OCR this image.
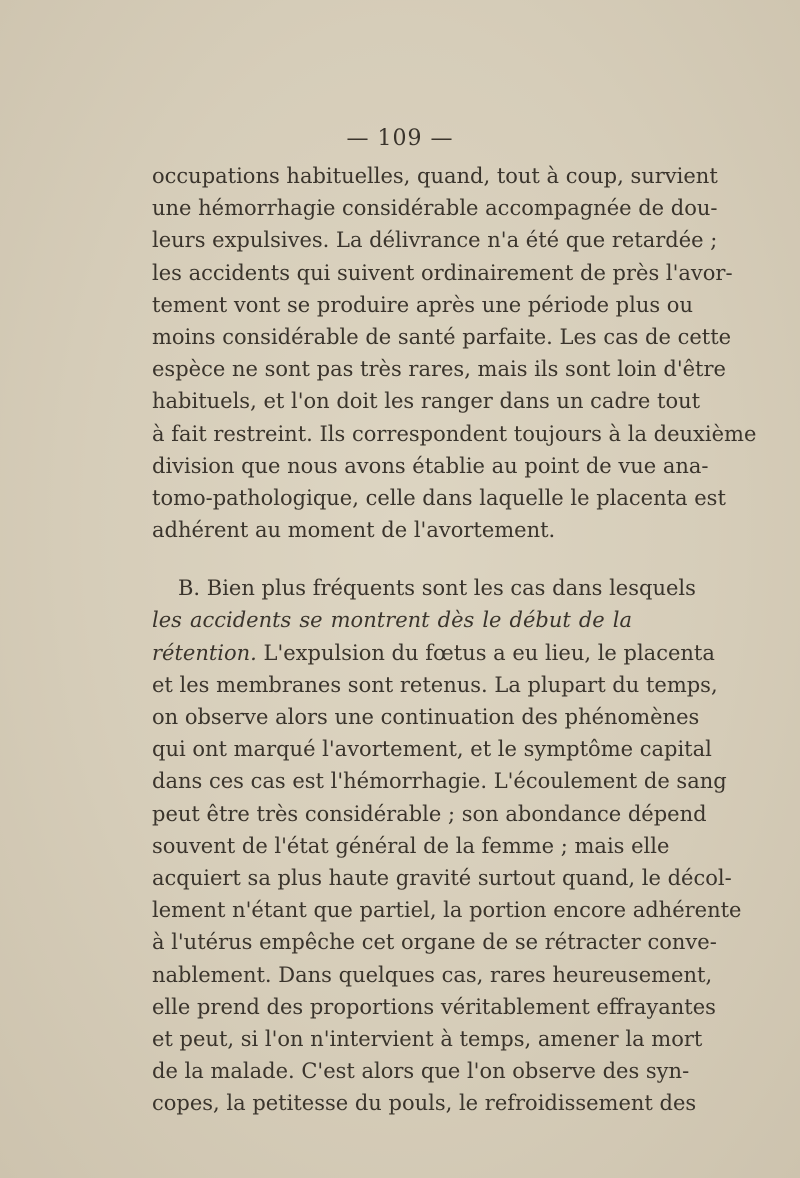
— 109 —
occupations habituelles, quand, tout à coup, survient
une hémorrhagie considérable accompagnée de dou-
leurs expulsives. La délivrance n'a été que retardée ;
les accidents qui suivent ordinairement de près l'avor-
tement vont se produire après une période plus ou
moins considérable de santé parfaite. Les cas de cette
espèce ne sont pas très rares, mais ils sont loin d'être
habituels, et l'on doit les ranger dans un cadre tout
à fait restreint. Ils correspondent toujours à la deuxième
division que nous avons établie au point de vue ana-
tomo-pathologique, celle dans laquelle le placenta est
adhérent au moment de l'avortement.
B. Bien plus fréquents sont les cas dans lesquels
les accidents se montrent dès le début de la
rétention. L'expulsion du fœtus a eu lieu, le placenta
et les membranes sont retenus. La plupart du temps,
on observe alors une continuation des phénomènes
qui ont marqué l'avortement, et le symptôme capital
dans ces cas est l'hémorrhagie. L'écoulement de sang
peut être très considérable ; son abondance dépend
souvent de l'état général de la femme ; mais elle
acquiert sa plus haute gravité surtout quand, le décol-
lement n'étant que partiel, la portion encore adhérente
à l'utérus empêche cet organe de se rétracter conve-
nablement. Dans quelques cas, rares heureusement,
elle prend des proportions véritablement effrayantes
et peut, si l'on n'intervient à temps, amener la mort
de la malade. C'est alors que l'on observe des syn-
copes, la petitesse du pouls, le refroidissement des
